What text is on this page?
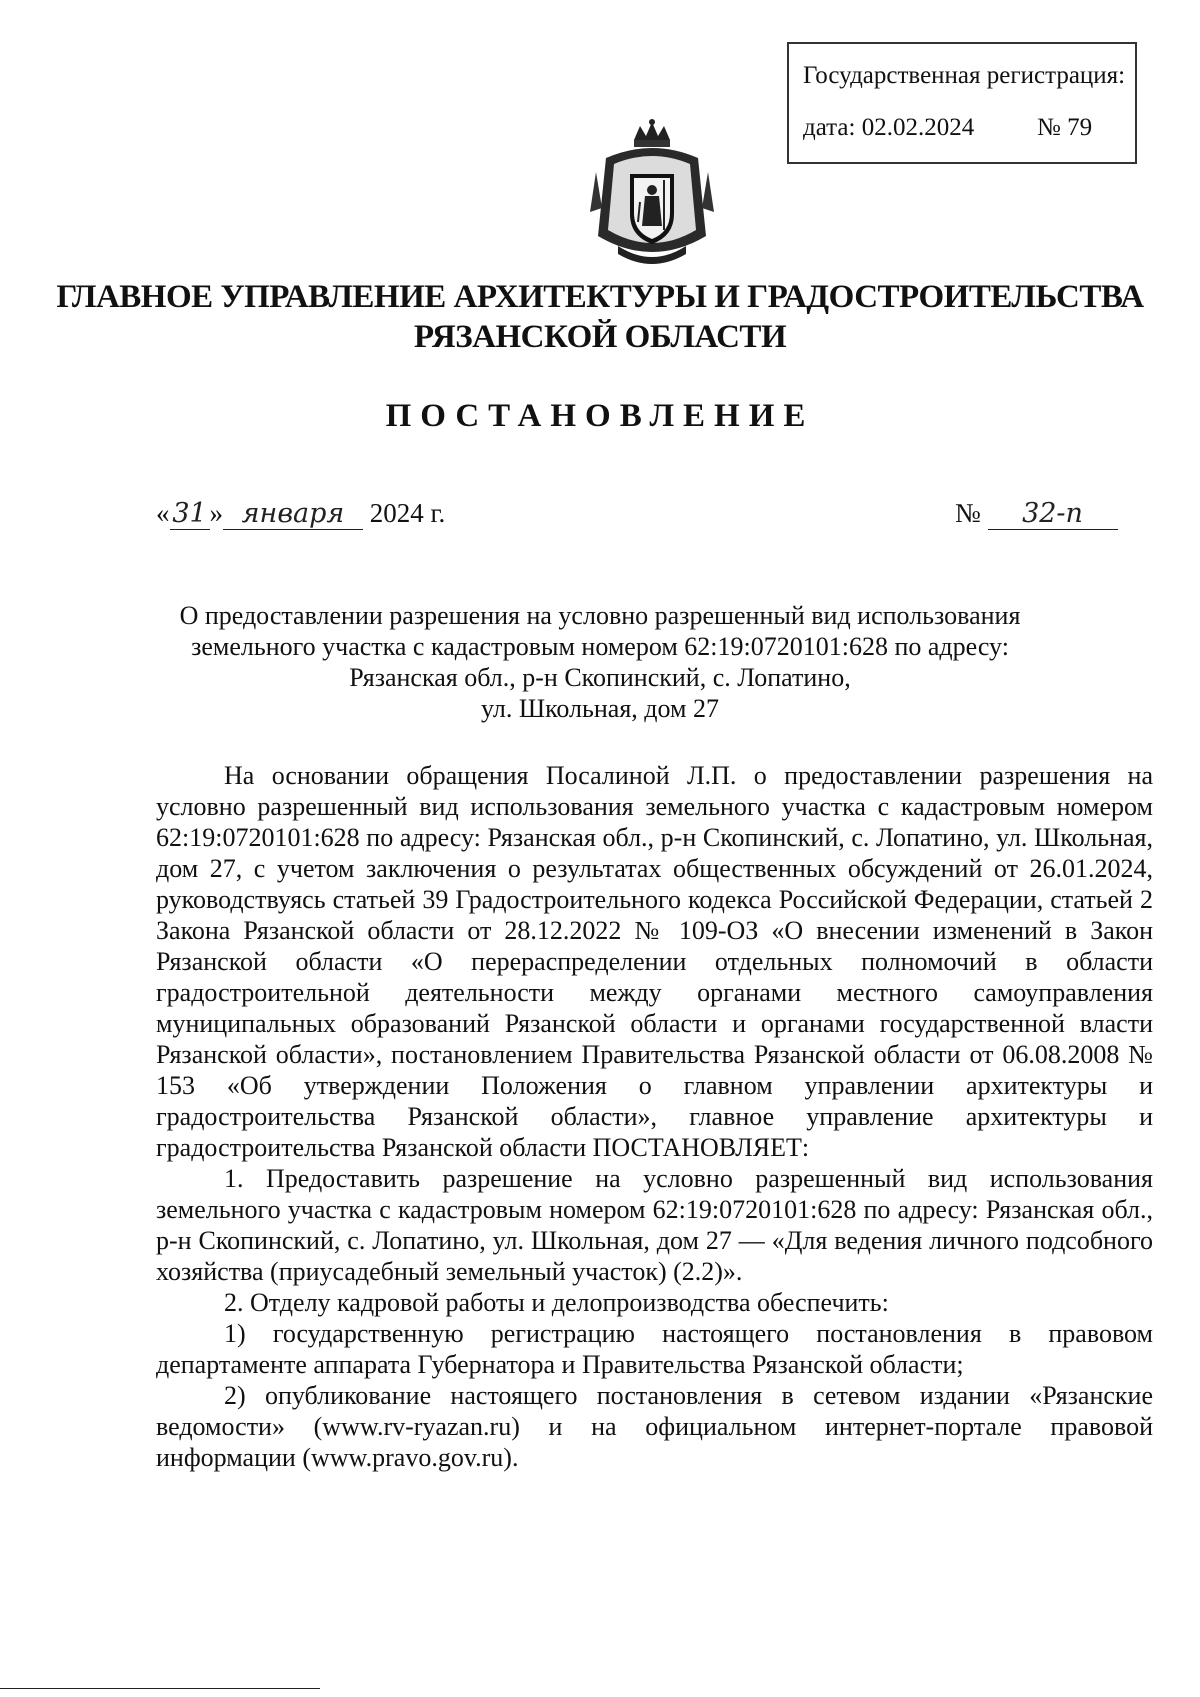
Государственная регистрация:
дата: 02.02.2024	№ 79
ГЛАВНОЕ УПРАВЛЕНИЕ АРХИТЕКТУРЫ И ГРАДОСТРОИТЕЛЬСТВА
РЯЗАНСКОЙ ОБЛАСТИ
ПОСТАНОВЛЕНИЕ
« 31 » января 2024 г.	№ 32-п
О предоставлении разрешения на условно разрешенный вид использования
земельного участка с кадастровым номером 62:19:0720101:628 по адресу:
Рязанская обл., р-н Скопинский, с. Лопатино,
ул. Школьная, дом 27

На основании обращения Посалиной Л.П. о предоставлении разрешения на условно разрешенный вид использования земельного участка с кадастровым номером 62:19:0720101:628 по адресу: Рязанская обл., р-н Скопинский, с. Лопатино, ул. Школьная, дом 27, с учетом заключения о результатах общественных обсуждений от 26.01.2024, руководствуясь статьей 39 Градостроительного кодекса Российской Федерации, статьей 2 Закона Рязанской области от 28.12.2022 № 109-ОЗ «О внесении изменений в Закон Рязанской области «О перераспределении отдельных полномочий в области градостроительной деятельности между органами местного самоуправления муниципальных образований Рязанской области и органами государственной власти Рязанской области», постановлением Правительства Рязанской области от 06.08.2008 № 153 «Об утверждении Положения о главном управлении архитектуры и градостроительства Рязанской области», главное управление архитектуры и градостроительства Рязанской области ПОСТАНОВЛЯЕТ:

1. Предоставить разрешение на условно разрешенный вид использования земельного участка с кадастровым номером 62:19:0720101:628 по адресу: Рязанская обл., р-н Скопинский, с. Лопатино, ул. Школьная, дом 27 — «Для ведения личного подсобного хозяйства (приусадебный земельный участок) (2.2)».

2. Отделу кадровой работы и делопроизводства обеспечить:

1) государственную регистрацию настоящего постановления в правовом департаменте аппарата Губернатора и Правительства Рязанской области;

2) опубликование настоящего постановления в сетевом издании «Рязанские ведомости» (www.rv-ryazan.ru) и на официальном интернет-портале правовой информации (www.pravo.gov.ru).
